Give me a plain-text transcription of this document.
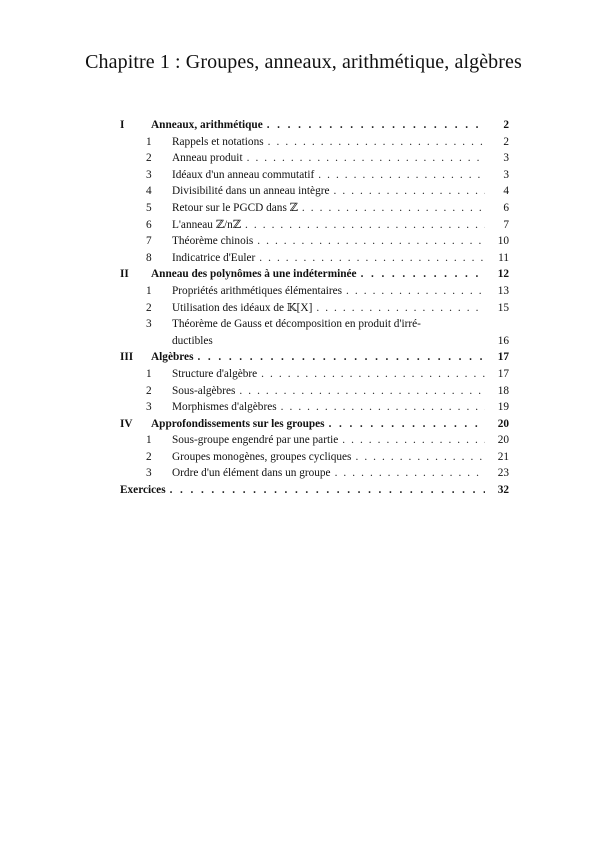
Chapitre 1 : Groupes, anneaux, arithmétique, algèbres
I	Anneaux, arithmétique . . .	2
1	Rappels et notations . . .	2
2	Anneau produit . . .	3
3	Idéaux d'un anneau commutatif . . .	3
4	Divisibilité dans un anneau intègre . . .	4
5	Retour sur le PGCD dans ℤ . . .	6
6	L'anneau ℤ/nℤ . . .	7
7	Théorème chinois . . .	10
8	Indicatrice d'Euler . . .	11
II	Anneau des polynômes à une indéterminée . . .	12
1	Propriétés arithmétiques élémentaires . . .	13
2	Utilisation des idéaux de 𝕂[X] . . .	15
3	Théorème de Gauss et décomposition en produit d'irré-
ductibles	16
III	Algèbres . . .	17
1	Structure d'algèbre . . .	17
2	Sous-algèbres . . .	18
3	Morphismes d'algèbres . . .	19
IV	Approfondissements sur les groupes . . .	20
1	Sous-groupe engendré par une partie . . .	20
2	Groupes monogènes, groupes cycliques . . .	21
3	Ordre d'un élément dans un groupe . . .	23
Exercices . . .	32
